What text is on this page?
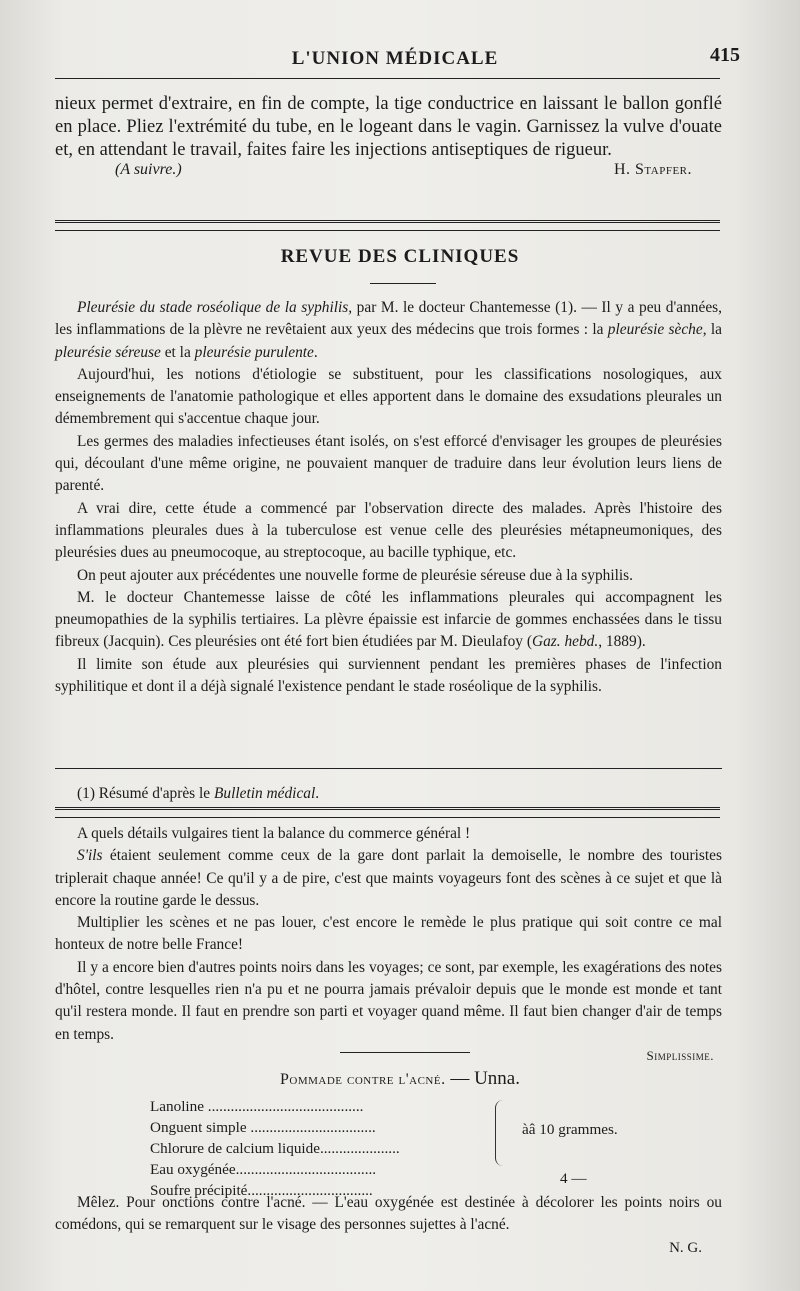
L'UNION MÉDICALE	415

nieux permet d'extraire, en fin de compte, la tige conductrice en laissant le ballon gonflé en place. Pliez l'extrémité du tube, en le logeant dans le vagin. Garnissez la vulve d'ouate et, en attendant le travail, faites faire les injections antiseptiques de rigueur.

(A suivre.)	H. Stapfer.
REVUE DES CLINIQUES

Pleurésie du stade roséolique de la syphilis, par M. le docteur Chantemesse (1). — Il y a peu d'années, les inflammations de la plèvre ne revêtaient aux yeux des médecins que trois formes : la pleurésie sèche, la pleurésie séreuse et la pleurésie purulente.

Aujourd'hui, les notions d'étiologie se substituent, pour les classifications nosologiques, aux enseignements de l'anatomie pathologique et elles apportent dans le domaine des exsudations pleurales un démembrement qui s'accentue chaque jour.

Les germes des maladies infectieuses étant isolés, on s'est efforcé d'envisager les groupes de pleurésies qui, découlant d'une même origine, ne pouvaient manquer de traduire dans leur évolution leurs liens de parenté.

A vrai dire, cette étude a commencé par l'observation directe des malades. Après l'histoire des inflammations pleurales dues à la tuberculose est venue celle des pleurésies métapneumoniques, des pleurésies dues au pneumocoque, au streptocoque, au bacille typhique, etc.

On peut ajouter aux précédentes une nouvelle forme de pleurésie séreuse due à la syphilis.

M. le docteur Chantemesse laisse de côté les inflammations pleurales qui accompagnent les pneumopathies de la syphilis tertiaires. La plèvre épaissie est infarcie de gommes enchassées dans le tissu fibreux (Jacquin). Ces pleurésies ont été fort bien étudiées par M. Dieulafoy (Gaz. hebd., 1889).

Il limite son étude aux pleurésies qui surviennent pendant les premières phases de l'infection syphilitique et dont il a déjà signalé l'existence pendant le stade roséolique de la syphilis.

(1) Résumé d'après le Bulletin médical.

A quels détails vulgaires tient la balance du commerce général !

S'ils étaient seulement comme ceux de la gare dont parlait la demoiselle, le nombre des touristes triplerait chaque année! Ce qu'il y a de pire, c'est que maints voyageurs font des scènes à ce sujet et que là encore la routine garde le dessus.

Multiplier les scènes et ne pas louer, c'est encore le remède le plus pratique qui soit contre ce mal honteux de notre belle France!

Il y a encore bien d'autres points noirs dans les voyages; ce sont, par exemple, les exagérations des notes d'hôtel, contre lesquelles rien n'a pu et ne pourra jamais prévaloir depuis que le monde est monde et tant qu'il restera monde. Il faut en prendre son parti et voyager quand même. Il faut bien changer d'air de temps en temps.

Simplissime.

Pommade contre l'acné. — Unna.
Lanoline .........................................
Onguent simple .................................
Chlorure de calcium liquide.....................
Eau oxygénée.....................................
Soufre précipité.................................
àâ 10 grammes.
4 —

Mêlez. Pour onctions contre l'acné. — L'eau oxygénée est destinée à décolorer les points noirs ou comédons, qui se remarquent sur le visage des personnes sujettes à l'acné.

N. G.
